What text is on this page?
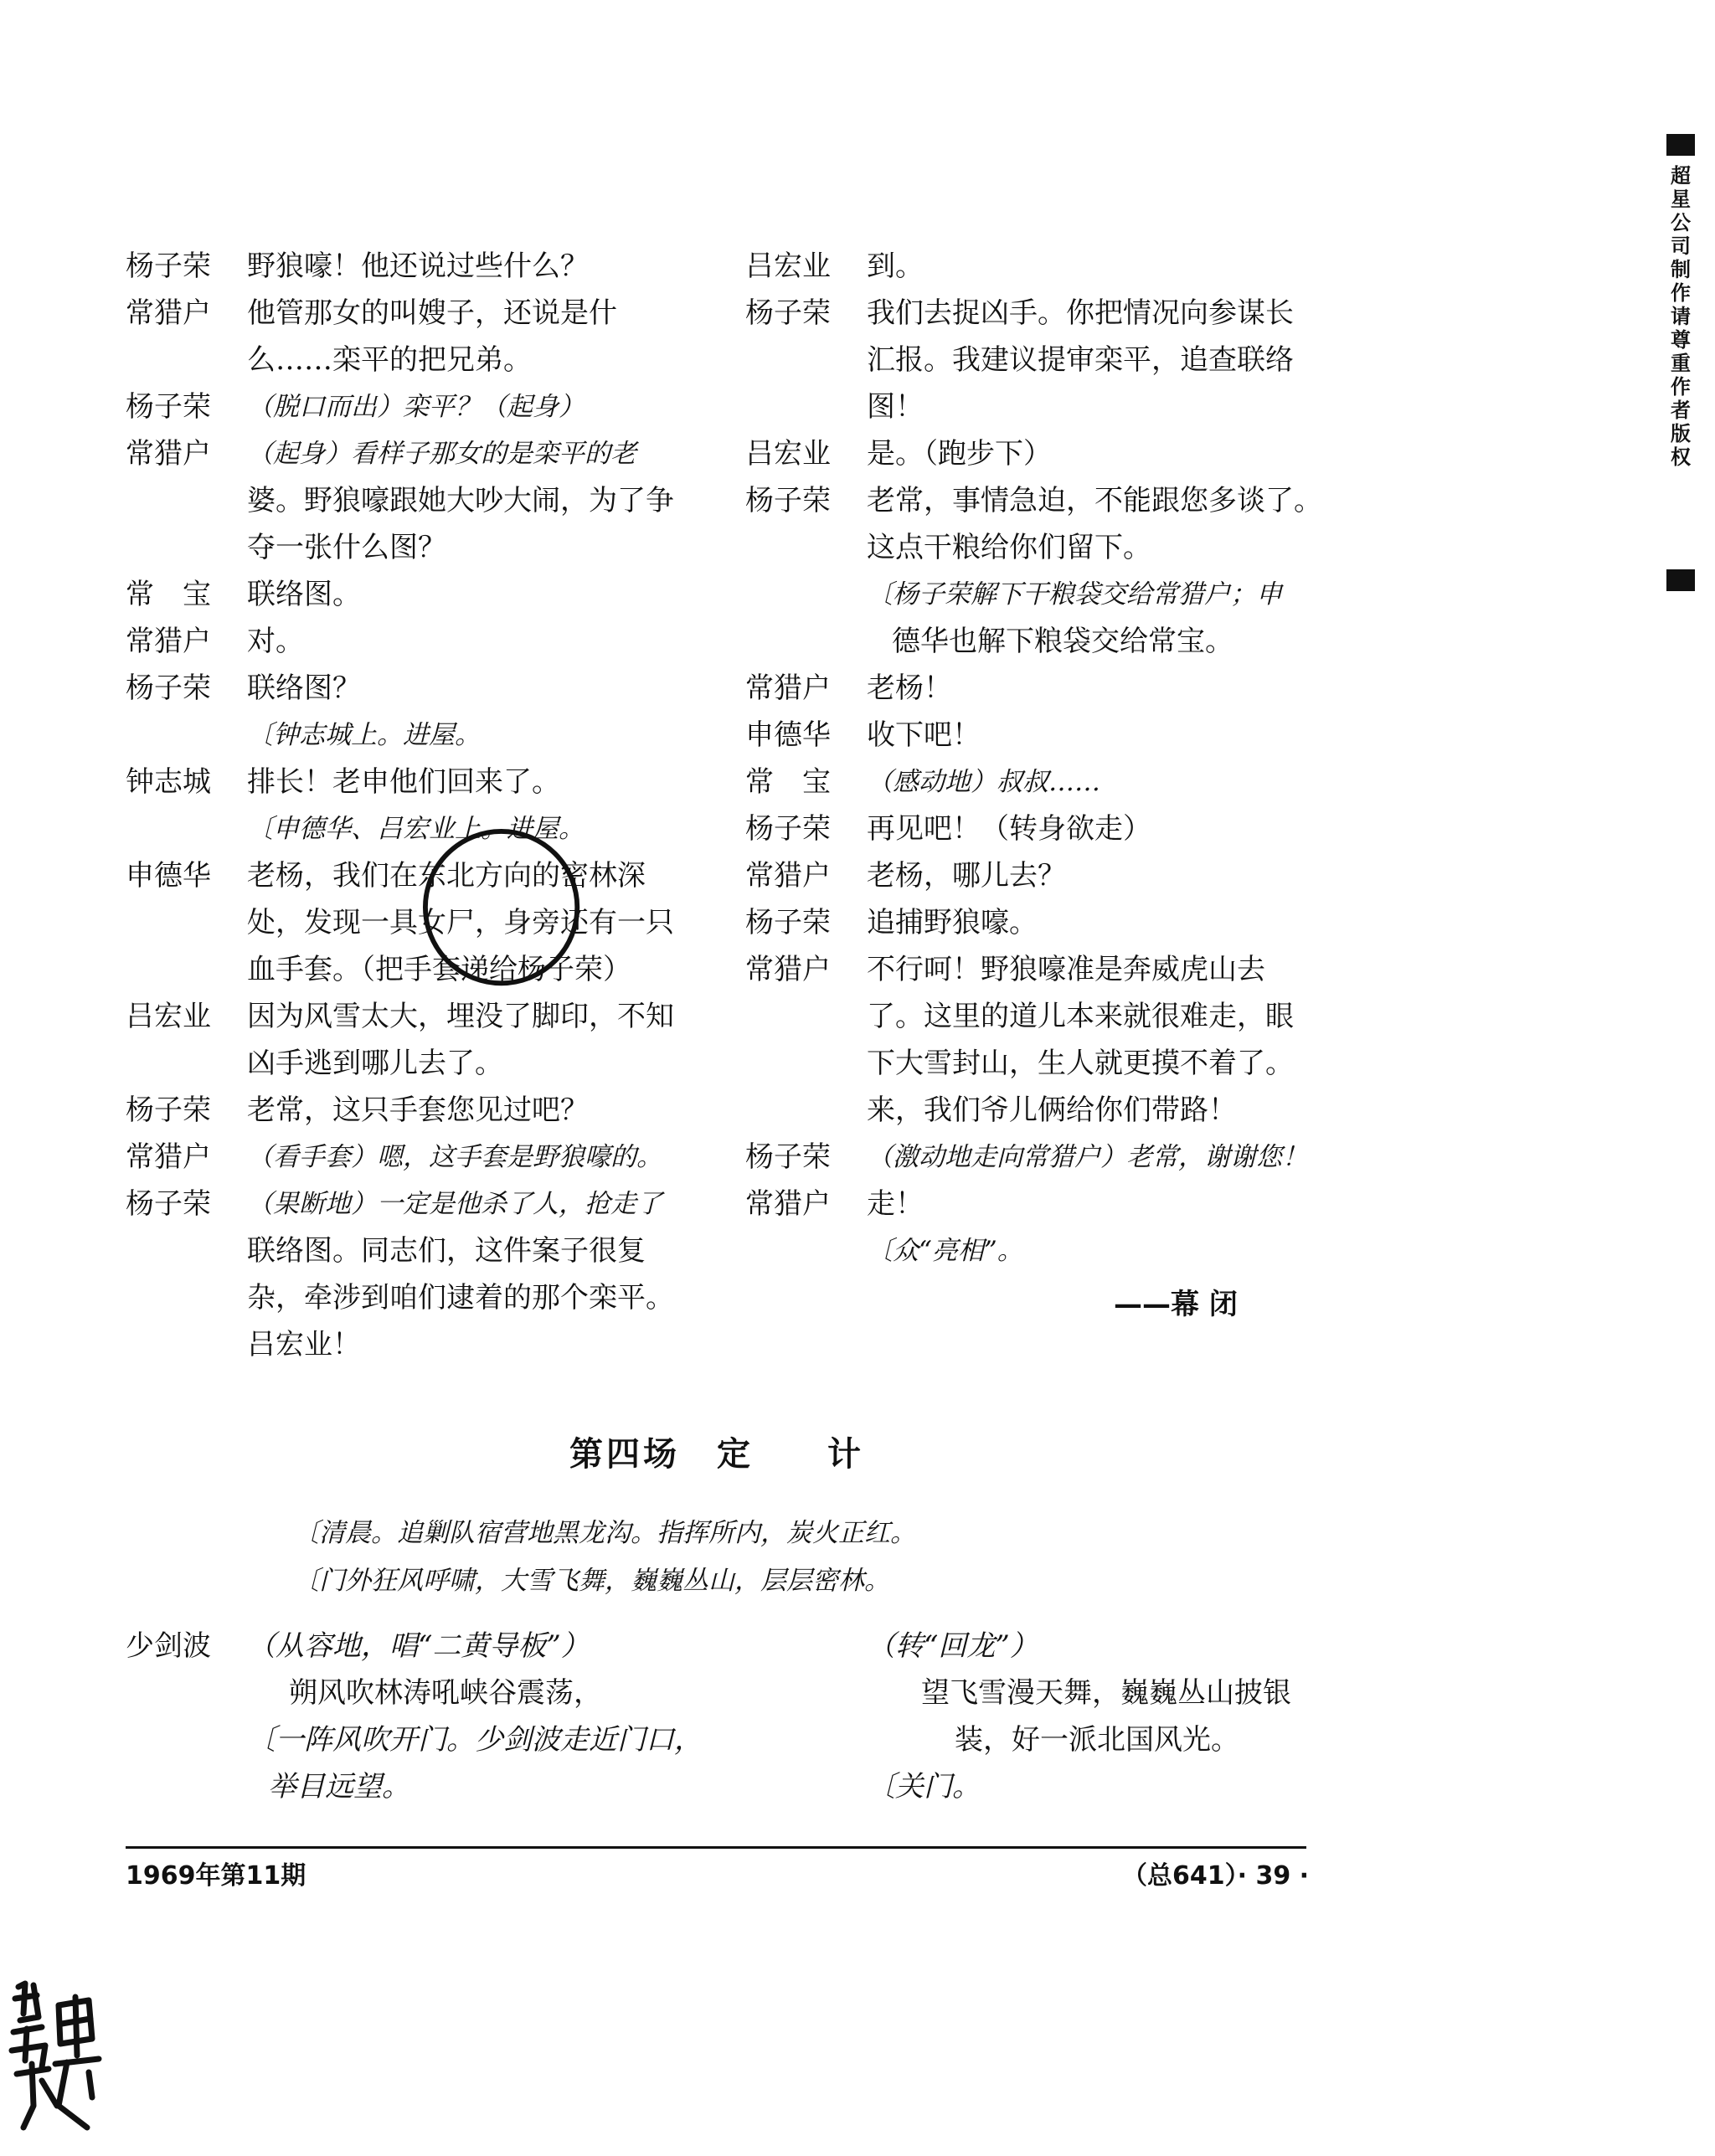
杨子荣	野狼嚎！他还说过些什么？
常猎户	他管那女的叫嫂子，还说是什
么……栾平的把兄弟。
杨子荣	（脱口而出）栾平？（起身）
常猎户	（起身）看样子那女的是栾平的老
婆。野狼嚎跟她大吵大闹，为了争
夺一张什么图？
常　宝	联络图。
常猎户	对。
杨子荣	联络图？
〔钟志城上。进屋。
钟志城	排长！老申他们回来了。
〔申德华、吕宏业上。进屋。
申德华	老杨，我们在东北方向的密林深
处，发现一具女尸，身旁还有一只
血手套。（把手套递给杨子荣）
吕宏业	因为风雪太大，埋没了脚印，不知
凶手逃到哪儿去了。
杨子荣	老常，这只手套您见过吧？
常猎户	（看手套）嗯，这手套是野狼嚎的。
杨子荣	（果断地）一定是他杀了人，抢走了
联络图。同志们，这件案子很复
杂，牵涉到咱们逮着的那个栾平。
吕宏业！
吕宏业	到。
杨子荣	我们去捉凶手。你把情况向参谋长
汇报。我建议提审栾平，追查联络
图！
吕宏业	是。（跑步下）
杨子荣	老常，事情急迫，不能跟您多谈了。
这点干粮给你们留下。
〔杨子荣解下干粮袋交给常猎户；申
德华也解下粮袋交给常宝。
常猎户	老杨！
申德华	收下吧！
常　宝	（感动地）叔叔……
杨子荣	再见吧！（转身欲走）
常猎户	老杨，哪儿去？
杨子荣	追捕野狼嚎。
常猎户	不行呵！野狼嚎准是奔威虎山去
了。这里的道儿本来就很难走，眼
下大雪封山，生人就更摸不着了。
来，我们爷儿俩给你们带路！
杨子荣	（激动地走向常猎户）老常，谢谢您！
常猎户	走！
〔众“亮相”。
——幕 闭
第四场　定　　计
〔清晨。追剿队宿营地黑龙沟。指挥所内，炭火正红。
〔门外狂风呼啸，大雪飞舞，巍巍丛山，层层密林。
少剑波 （从容地，唱“二黄导板”）
朔风吹林涛吼峡谷震荡，
〔一阵风吹开门。少剑波走近门口，
举目远望。
（转“回龙”）
望飞雪漫天舞，巍巍丛山披银
装，好一派北国风光。
〔关门。
1969年第11期	（总641）· 39 ·
超星公司制作 请尊重作者版权
